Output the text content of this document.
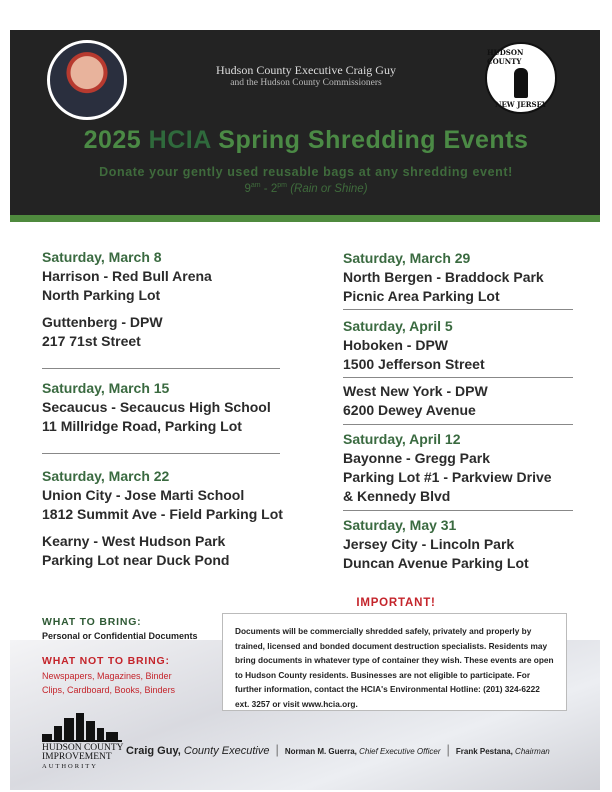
HUDSON COUNTY
NEW JERSEY
Hudson County Executive Craig Guy
and the Hudson County Commissioners
2025 HCIA Spring Shredding Events
Donate your gently used reusable bags at any shredding event!
$9^{am} - 2^{pm}$ (Rain or Shine)
Saturday, March 8
Harrison - Red Bull Arena
North Parking Lot
Guttenberg - DPW
217 71st Street
Saturday, March 15
Secaucus - Secaucus High School
11 Millridge Road, Parking Lot
Saturday, March 22
Union City - Jose Marti School
1812 Summit Ave - Field Parking Lot
Kearny - West Hudson Park
Parking Lot near Duck Pond
Saturday, March 29
North Bergen - Braddock Park
Picnic Area Parking Lot
Saturday, April 5
Hoboken - DPW
1500 Jefferson Street
West New York - DPW
6200 Dewey Avenue
Saturday, April 12
Bayonne - Gregg Park
Parking Lot #1 - Parkview Drive
& Kennedy Blvd
Saturday, May 31
Jersey City - Lincoln Park
Duncan Avenue Parking Lot
WHAT TO BRING:
Personal or Confidential Documents
WHAT NOT TO BRING:
Newspapers, Magazines, Binder
Clips, Cardboard, Books, Binders
IMPORTANT!
Documents will be commercially shredded safely, privately and properly by trained, licensed and bonded document destruction specialists. Residents may bring documents in whatever type of container they wish. These events are open to Hudson County residents. Businesses are not eligible to participate. For further information, contact the HCIA's Environmental Hotline: (201) 324-6222 ext. 3257 or visit www.hcia.org.
HUDSON COUNTY
IMPROVEMENT
AUTHORITY
Craig Guy, County Executive | Norman M. Guerra, Chief Executive Officer | Frank Pestana, Chairman
